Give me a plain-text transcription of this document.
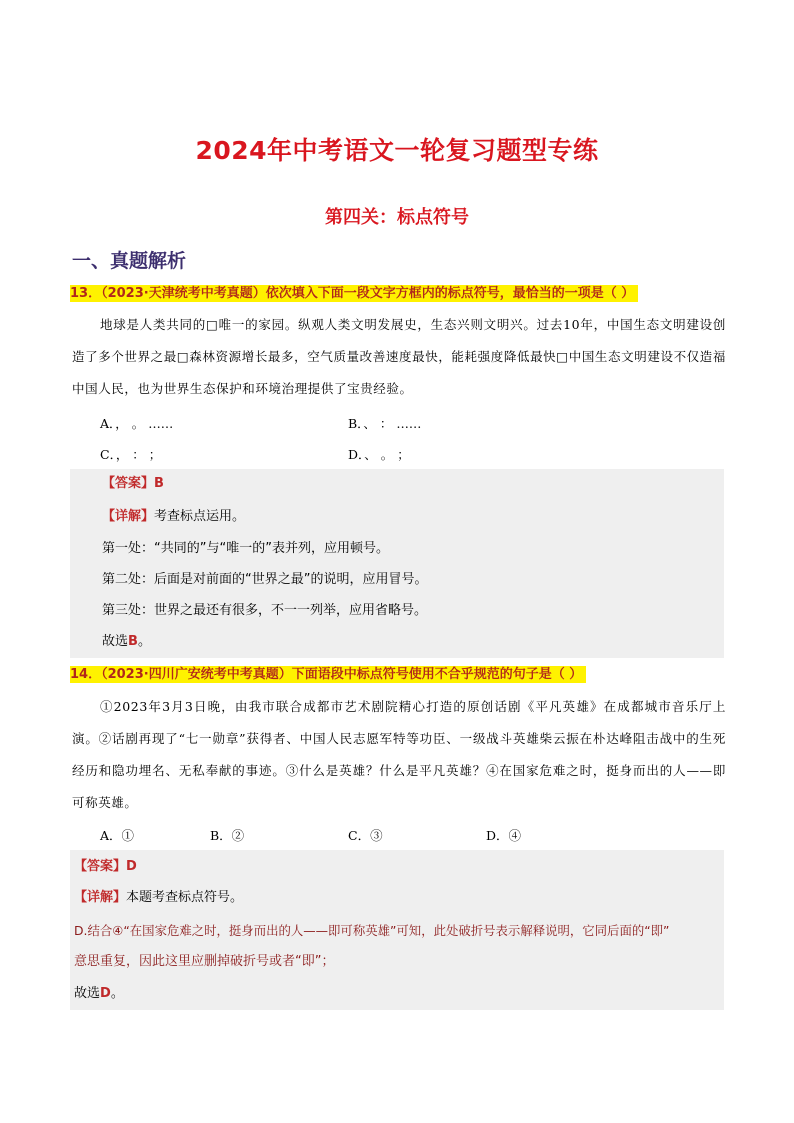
2024年中考语文一轮复习题型专练
第四关：标点符号
一、真题解析
13．（2023·天津统考中考真题）依次填入下面一段文字方框内的标点符号，最恰当的一项是（ ）
地球是人类共同的□唯一的家园。纵观人类文明发展史，生态兴则文明兴。过去10年，中国生态文明建设创造了多个世界之最□森林资源增长最多，空气质量改善速度最快，能耗强度降低最快□中国生态文明建设不仅造福中国人民，也为世界生态保护和环境治理提供了宝贵经验。
A．， 。 ……	B．、 ： ……
C．， ： ；	D．、 。 ；
【答案】B
【详解】考查标点运用。
第一处：“共同的”与“唯一的”表并列，应用顿号。
第二处：后面是对前面的“世界之最”的说明，应用冒号。
第三处：世界之最还有很多，不一一列举，应用省略号。
故选B。
14．（2023·四川广安统考中考真题）下面语段中标点符号使用不合乎规范的句子是（ ）
①2023年3月3日晚，由我市联合成都市艺术剧院精心打造的原创话剧《平凡英雄》在成都城市音乐厅上演。②话剧再现了“七一勋章”获得者、中国人民志愿军特等功臣、一级战斗英雄柴云振在朴达峰阻击战中的生死经历和隐功埋名、无私奉献的事迹。③什么是英雄？什么是平凡英雄？④在国家危难之时，挺身而出的人——即可称英雄。
A．①	B．②	C．③	D．④
【答案】D
【详解】本题考查标点符号。
D.结合④“在国家危难之时，挺身而出的人——即可称英雄”可知，此处破折号表示解释说明，它同后面的“即”
意思重复，因此这里应删掉破折号或者“即”；
故选D。
